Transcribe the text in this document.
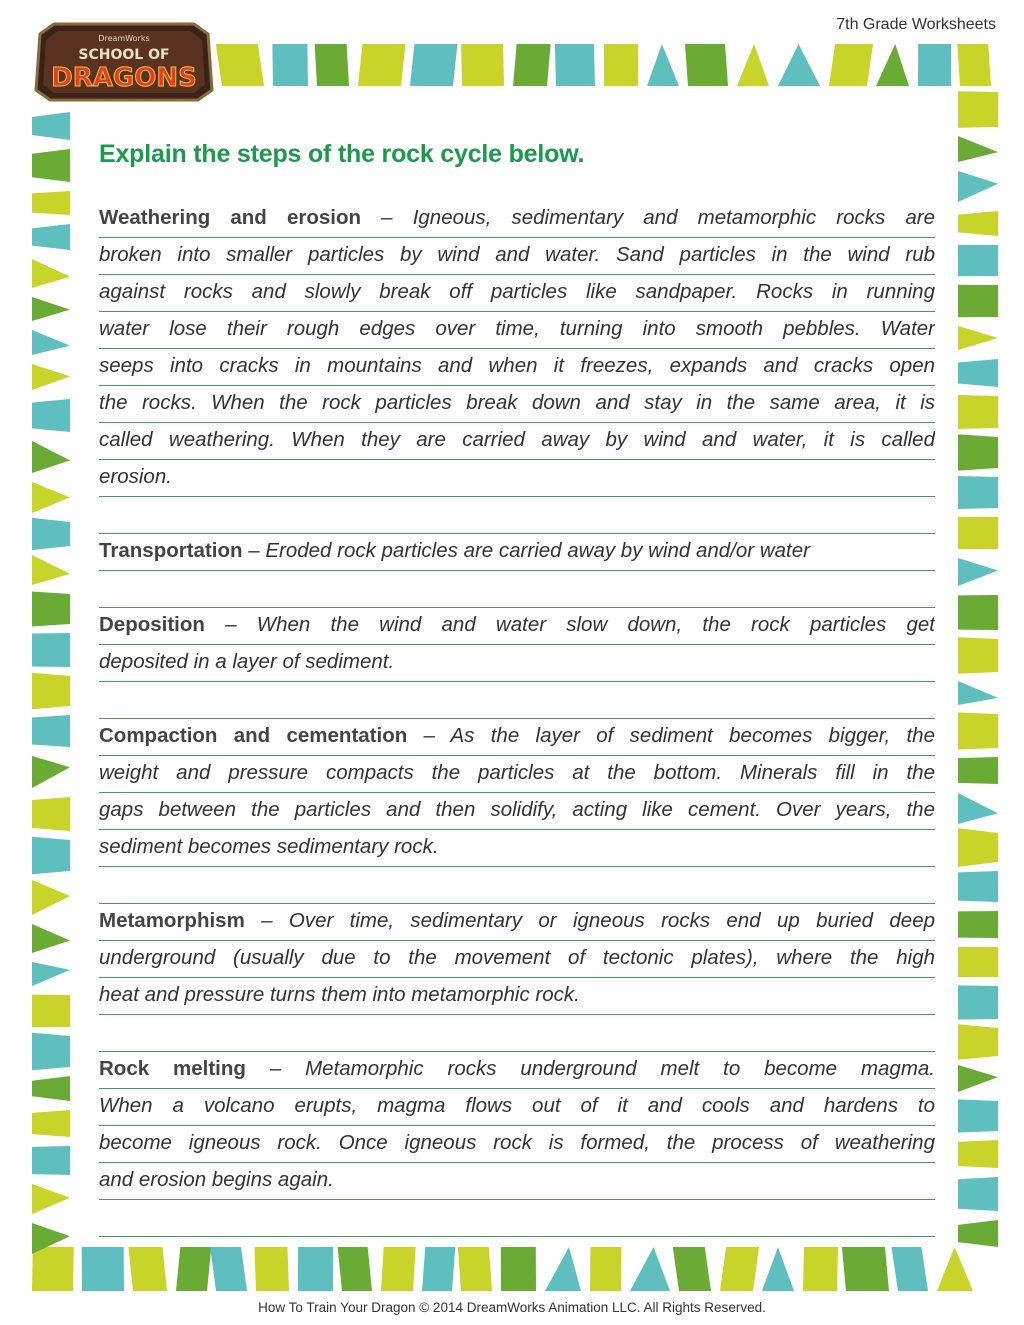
7th Grade Worksheets
DreamWorks
SCHOOL OF
DRAGONS
Explain the steps of the rock cycle below.
Weathering and erosion – Igneous, sedimentary and metamorphic rocks are
broken into smaller particles by wind and water. Sand particles in the wind rub
against rocks and slowly break off particles like sandpaper. Rocks in running
water lose their rough edges over time, turning into smooth pebbles. Water
seeps into cracks in mountains and when it freezes, expands and cracks open
the rocks. When the rock particles break down and stay in the same area, it is
called weathering. When they are carried away by wind and water, it is called
erosion.
Transportation – Eroded rock particles are carried away by wind and/or water
Deposition – When the wind and water slow down, the rock particles get
deposited in a layer of sediment.
Compaction and cementation – As the layer of sediment becomes bigger, the
weight and pressure compacts the particles at the bottom. Minerals fill in the
gaps between the particles and then solidify, acting like cement. Over years, the
sediment becomes sedimentary rock.
Metamorphism – Over time, sedimentary or igneous rocks end up buried deep
underground (usually due to the movement of tectonic plates), where the high
heat and pressure turns them into metamorphic rock.
Rock melting – Metamorphic rocks underground melt to become magma.
When a volcano erupts, magma flows out of it and cools and hardens to
become igneous rock. Once igneous rock is formed, the process of weathering
and erosion begins again.
How To Train Your Dragon © 2014 DreamWorks Animation LLC. All Rights Reserved.
